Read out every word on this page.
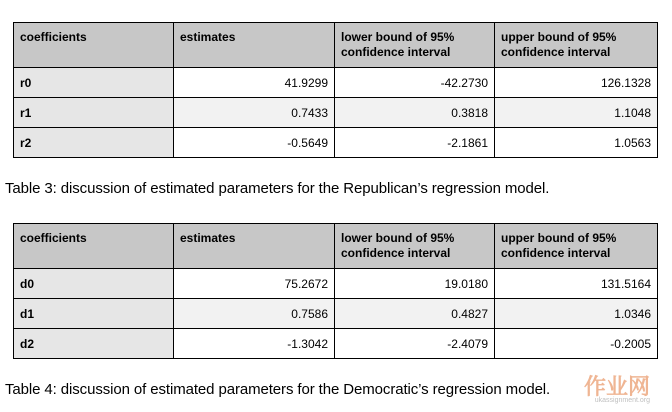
coefficients	estimates	lower bound of 95% confidence interval	upper bound of 95% confidence interval
r0	41.9299	-42.2730	126.1328
r1	0.7433	0.3818	1.1048
r2	-0.5649	-2.1861	1.0563
Table 3: discussion of estimated parameters for the Republican’s regression model.
coefficients	estimates	lower bound of 95% confidence interval	upper bound of 95% confidence interval
d0	75.2672	19.0180	131.5164
d1	0.7586	0.4827	1.0346
d2	-1.3042	-2.4079	-0.2005
Table 4: discussion of estimated parameters for the Democratic’s regression model. 作业网
ukassignment.org
